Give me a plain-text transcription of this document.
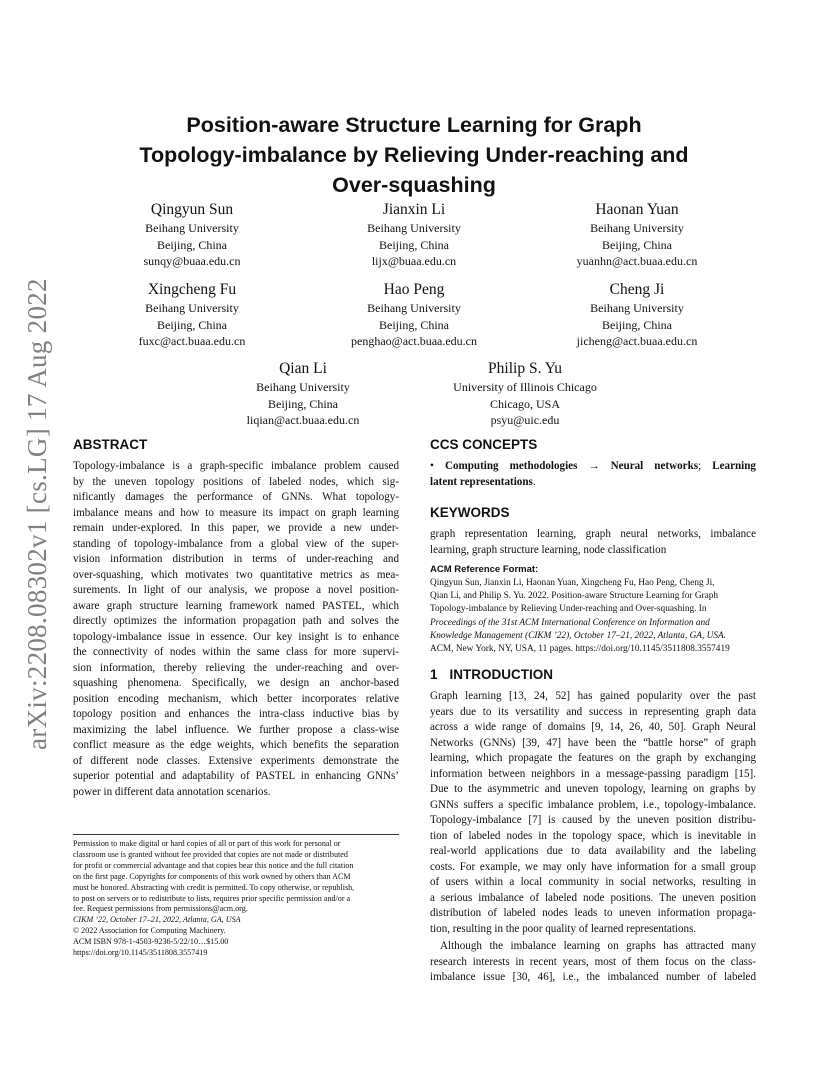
arXiv:2208.08302v1 [cs.LG] 17 Aug 2022
Position-aware Structure Learning for Graph
Topology-imbalance by Relieving Under-reaching and
Over-squashing
Qingyun Sun
Beihang University
Beijing, China
sunqy@buaa.edu.cn
Jianxin Li
Beihang University
Beijing, China
lijx@buaa.edu.cn
Haonan Yuan
Beihang University
Beijing, China
yuanhn@act.buaa.edu.cn
Xingcheng Fu
Beihang University
Beijing, China
fuxc@act.buaa.edu.cn
Hao Peng
Beihang University
Beijing, China
penghao@act.buaa.edu.cn
Cheng Ji
Beihang University
Beijing, China
jicheng@act.buaa.edu.cn
Qian Li
Beihang University
Beijing, China
liqian@act.buaa.edu.cn
Philip S. Yu
University of Illinois Chicago
Chicago, USA
psyu@uic.edu
ABSTRACT
Topology-imbalance is a graph-specific imbalance problem caused
by the uneven topology positions of labeled nodes, which sig-
nificantly damages the performance of GNNs. What topology-
imbalance means and how to measure its impact on graph learning
remain under-explored. In this paper, we provide a new under-
standing of topology-imbalance from a global view of the super-
vision information distribution in terms of under-reaching and
over-squashing, which motivates two quantitative metrics as mea-
surements. In light of our analysis, we propose a novel position-
aware graph structure learning framework named PASTEL, which
directly optimizes the information propagation path and solves the
topology-imbalance issue in essence. Our key insight is to enhance
the connectivity of nodes within the same class for more supervi-
sion information, thereby relieving the under-reaching and over-
squashing phenomena. Specifically, we design an anchor-based
position encoding mechanism, which better incorporates relative
topology position and enhances the intra-class inductive bias by
maximizing the label influence. We further propose a class-wise
conflict measure as the edge weights, which benefits the separation
of different node classes. Extensive experiments demonstrate the
superior potential and adaptability of PASTEL in enhancing GNNs’
power in different data annotation scenarios.
Permission to make digital or hard copies of all or part of this work for personal or
classroom use is granted without fee provided that copies are not made or distributed
for profit or commercial advantage and that copies bear this notice and the full citation
on the first page. Copyrights for components of this work owned by others than ACM
must be honored. Abstracting with credit is permitted. To copy otherwise, or republish,
to post on servers or to redistribute to lists, requires prior specific permission and/or a
fee. Request permissions from permissions@acm.org.
CIKM ’22, October 17–21, 2022, Atlanta, GA, USA
© 2022 Association for Computing Machinery.
ACM ISBN 978-1-4503-9236-5/22/10…$15.00
https://doi.org/10.1145/3511808.3557419
CCS CONCEPTS
• Computing methodologies → Neural networks; Learning
latent representations.
KEYWORDS
graph representation learning, graph neural networks, imbalance
learning, graph structure learning, node classification
ACM Reference Format:
Qingyun Sun, Jianxin Li, Haonan Yuan, Xingcheng Fu, Hao Peng, Cheng Ji,
Qian Li, and Philip S. Yu. 2022. Position-aware Structure Learning for Graph
Topology-imbalance by Relieving Under-reaching and Over-squashing. In
Proceedings of the 31st ACM International Conference on Information and
Knowledge Management (CIKM ’22), October 17–21, 2022, Atlanta, GA, USA.
ACM, New York, NY, USA, 11 pages. https://doi.org/10.1145/3511808.3557419
1 INTRODUCTION
Graph learning [13, 24, 52] has gained popularity over the past
years due to its versatility and success in representing graph data
across a wide range of domains [9, 14, 26, 40, 50]. Graph Neural
Networks (GNNs) [39, 47] have been the “battle horse” of graph
learning, which propagate the features on the graph by exchanging
information between neighbors in a message-passing paradigm [15].
Due to the asymmetric and uneven topology, learning on graphs by
GNNs suffers a specific imbalance problem, i.e., topology-imbalance.
Topology-imbalance [7] is caused by the uneven position distribu-
tion of labeled nodes in the topology space, which is inevitable in
real-world applications due to data availability and the labeling
costs. For example, we may only have information for a small group
of users within a local community in social networks, resulting in
a serious imbalance of labeled node positions. The uneven position
distribution of labeled nodes leads to uneven information propaga-
tion, resulting in the poor quality of learned representations.
Although the imbalance learning on graphs has attracted many
research interests in recent years, most of them focus on the class-
imbalance issue [30, 46], i.e., the imbalanced number of labeled
